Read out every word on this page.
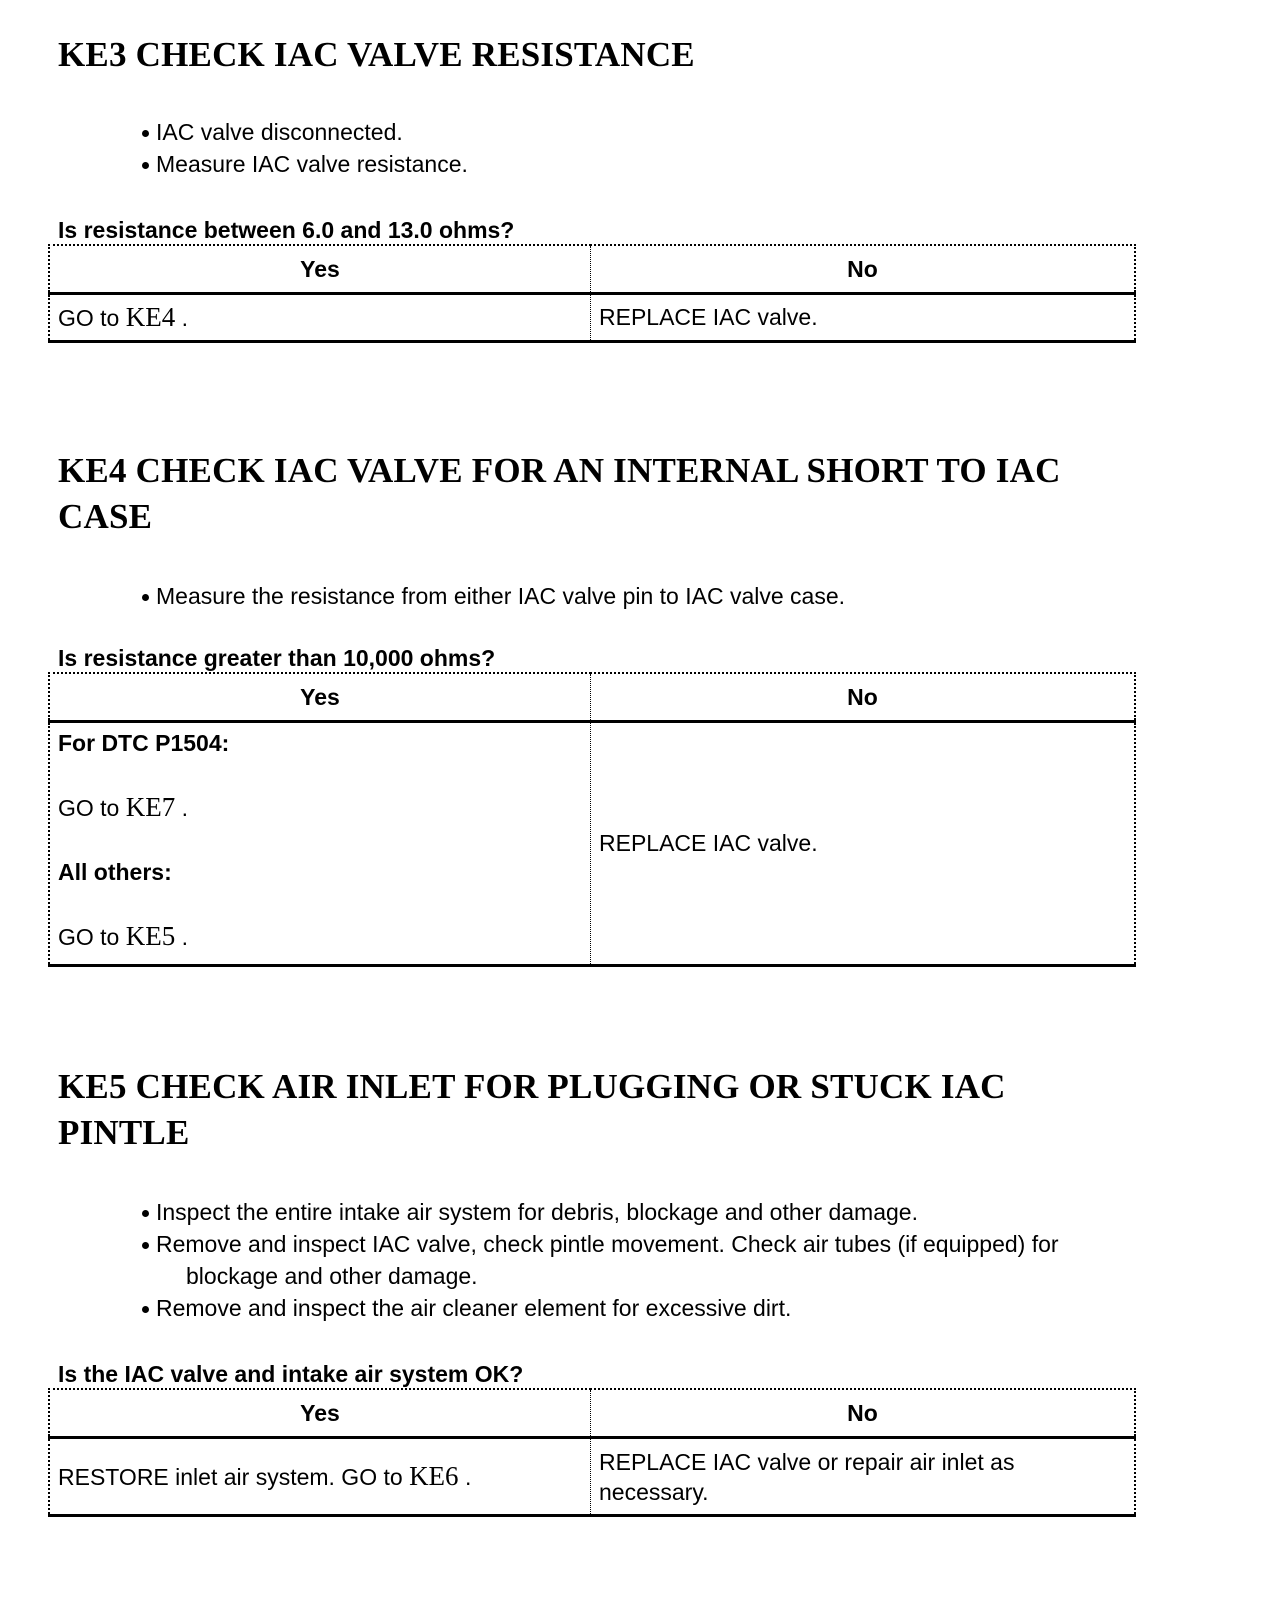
KE3 CHECK IAC VALVE RESISTANCE
IAC valve disconnected.
Measure IAC valve resistance.

Is resistance between 6.0 and 13.0 ohms?

Yes	No
GO to KE4 .	REPLACE IAC valve.
KE4 CHECK IAC VALVE FOR AN INTERNAL SHORT TO IAC
CASE
Measure the resistance from either IAC valve pin to IAC valve case.

Is resistance greater than 10,000 ohms?

Yes	No

For DTC P1504:

GO to KE7 .

All others:

GO to KE5 .	REPLACE IAC valve.
KE5 CHECK AIR INLET FOR PLUGGING OR STUCK IAC
PINTLE
Inspect the entire intake air system for debris, blockage and other damage.
Remove and inspect IAC valve, check pintle movement. Check air tubes (if equipped) for
blockage and other damage.
Remove and inspect the air cleaner element for excessive dirt.

Is the IAC valve and intake air system OK?

Yes	No
RESTORE inlet air system. GO to KE6 .	REPLACE IAC valve or repair air inlet as
necessary.
